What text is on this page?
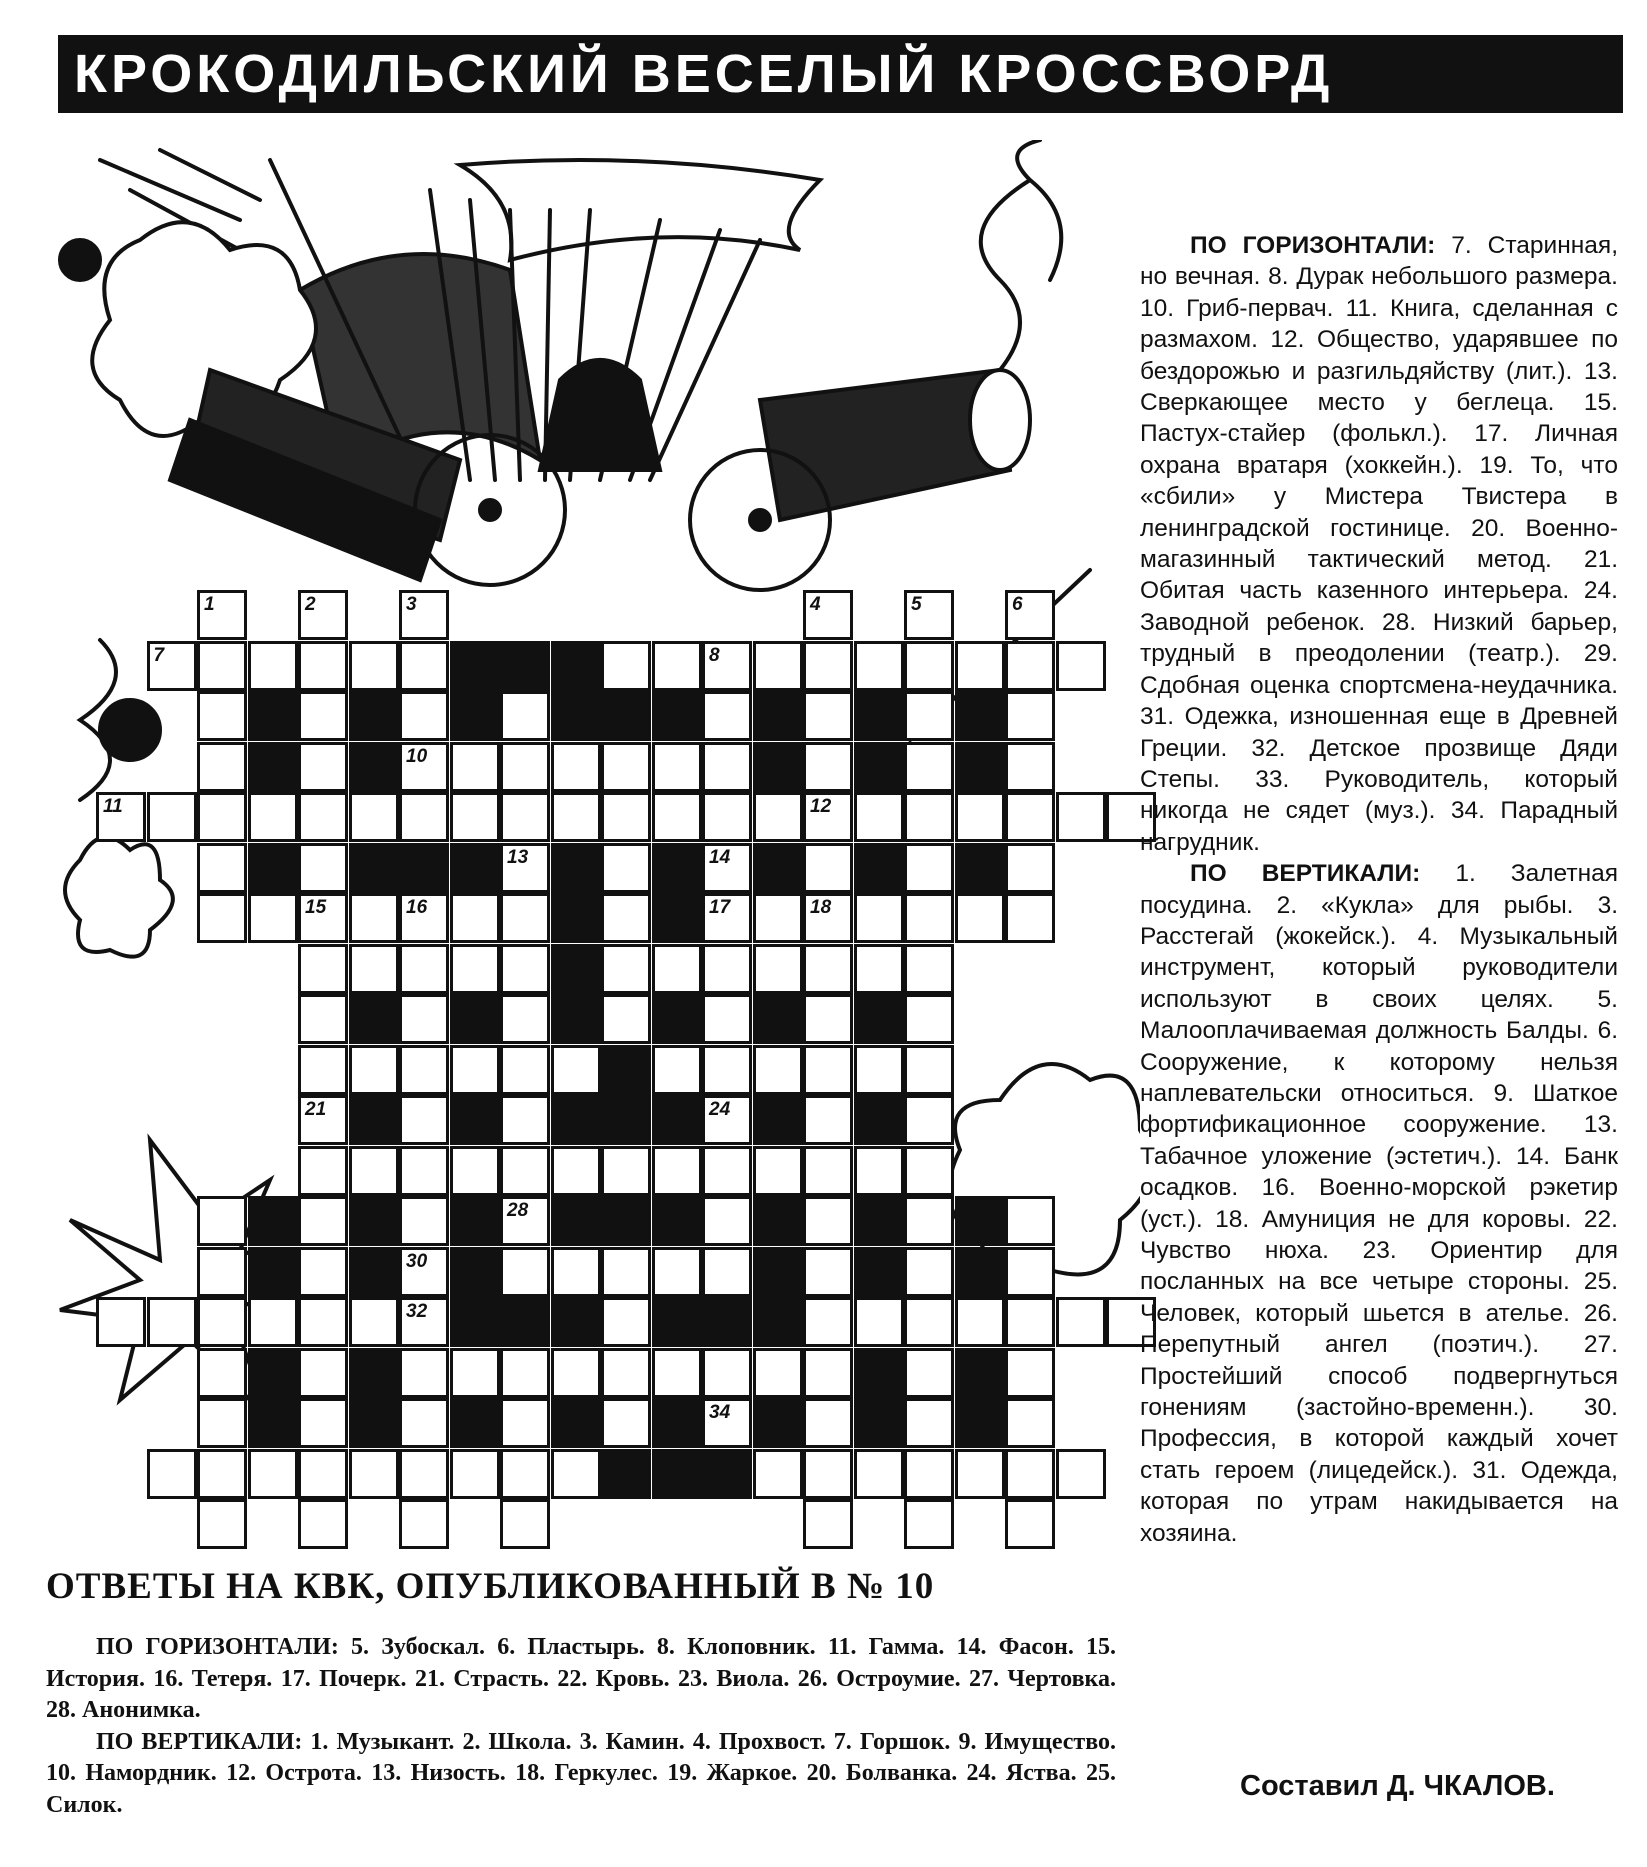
КРОКОДИЛЬСКИЙ ВЕСЕЛЫЙ КРОССВОРД
1	2	3	4	5	6
7	8
9
10
11	12
13	14
15	16	17	18
19	20
21 22	23	24	25
28
30	31
32
34

ПО ГОРИЗОНТАЛИ: 7. Старинная, но вечная. 8. Дурак небольшого размера. 10. Гриб-первач. 11. Книга, сделанная с размахом. 12. Общество, ударявшее по бездорожью и разгильдяйству (лит.). 13. Сверкающее место у беглеца. 15. Пастух-стайер (фолькл.). 17. Личная охрана вратаря (хоккейн.). 19. То, что «сбили» у Мистера Твистера в ленинградской гостинице. 20. Военно-магазинный тактический метод. 21. Обитая часть казенного интерьера. 24. Заводной ребенок. 28. Низкий барьер, трудный в преодолении (театр.). 29. Сдобная оценка спортсмена-неудачника. 31. Одежка, изношенная еще в Древней Греции. 32. Детское прозвище Дяди Степы. 33. Руководитель, который никогда не сядет (муз.). 34. Парадный нагрудник.

ПО ВЕРТИКАЛИ: 1. Залетная посудина. 2. «Кукла» для рыбы. 3. Расстегай (жокейск.). 4. Музыкальный инструмент, который руководители используют в своих целях. 5. Малооплачиваемая должность Балды. 6. Сооружение, к которому нельзя наплевательски относиться. 9. Шаткое фортификационное сооружение. 13. Табачное уложение (эстетич.). 14. Банк осадков. 16. Военно-морской рэкетир (уст.). 18. Амуниция не для коровы. 22. Чувство нюха. 23. Ориентир для посланных на все четыре стороны. 25. Человек, который шьется в ателье. 26. Перепутный ангел (поэтич.). 27. Простейший способ подвергнуться гонениям (застойно-временн.). 30. Профессия, в которой каждый хочет стать героем (лицедейск.). 31. Одежда, которая по утрам накидывается на хозяина.

Составил Д. ЧКАЛОВ.
ОТВЕТЫ НА КВК, ОПУБЛИКОВАННЫЙ В № 10

ПО ГОРИЗОНТАЛИ: 5. Зубоскал. 6. Пластырь. 8. Клоповник. 11. Гамма. 14. Фасон. 15. История. 16. Тетеря. 17. Почерк. 21. Страсть. 22. Кровь. 23. Виола. 26. Остроумие. 27. Чертовка. 28. Анонимка.

ПО ВЕРТИКАЛИ: 1. Музыкант. 2. Школа. 3. Камин. 4. Прохвост. 7. Горшок. 9. Имущество. 10. Намордник. 12. Острота. 13. Низость. 18. Геркулес. 19. Жаркое. 20. Болванка. 24. Яства. 25. Силок.
